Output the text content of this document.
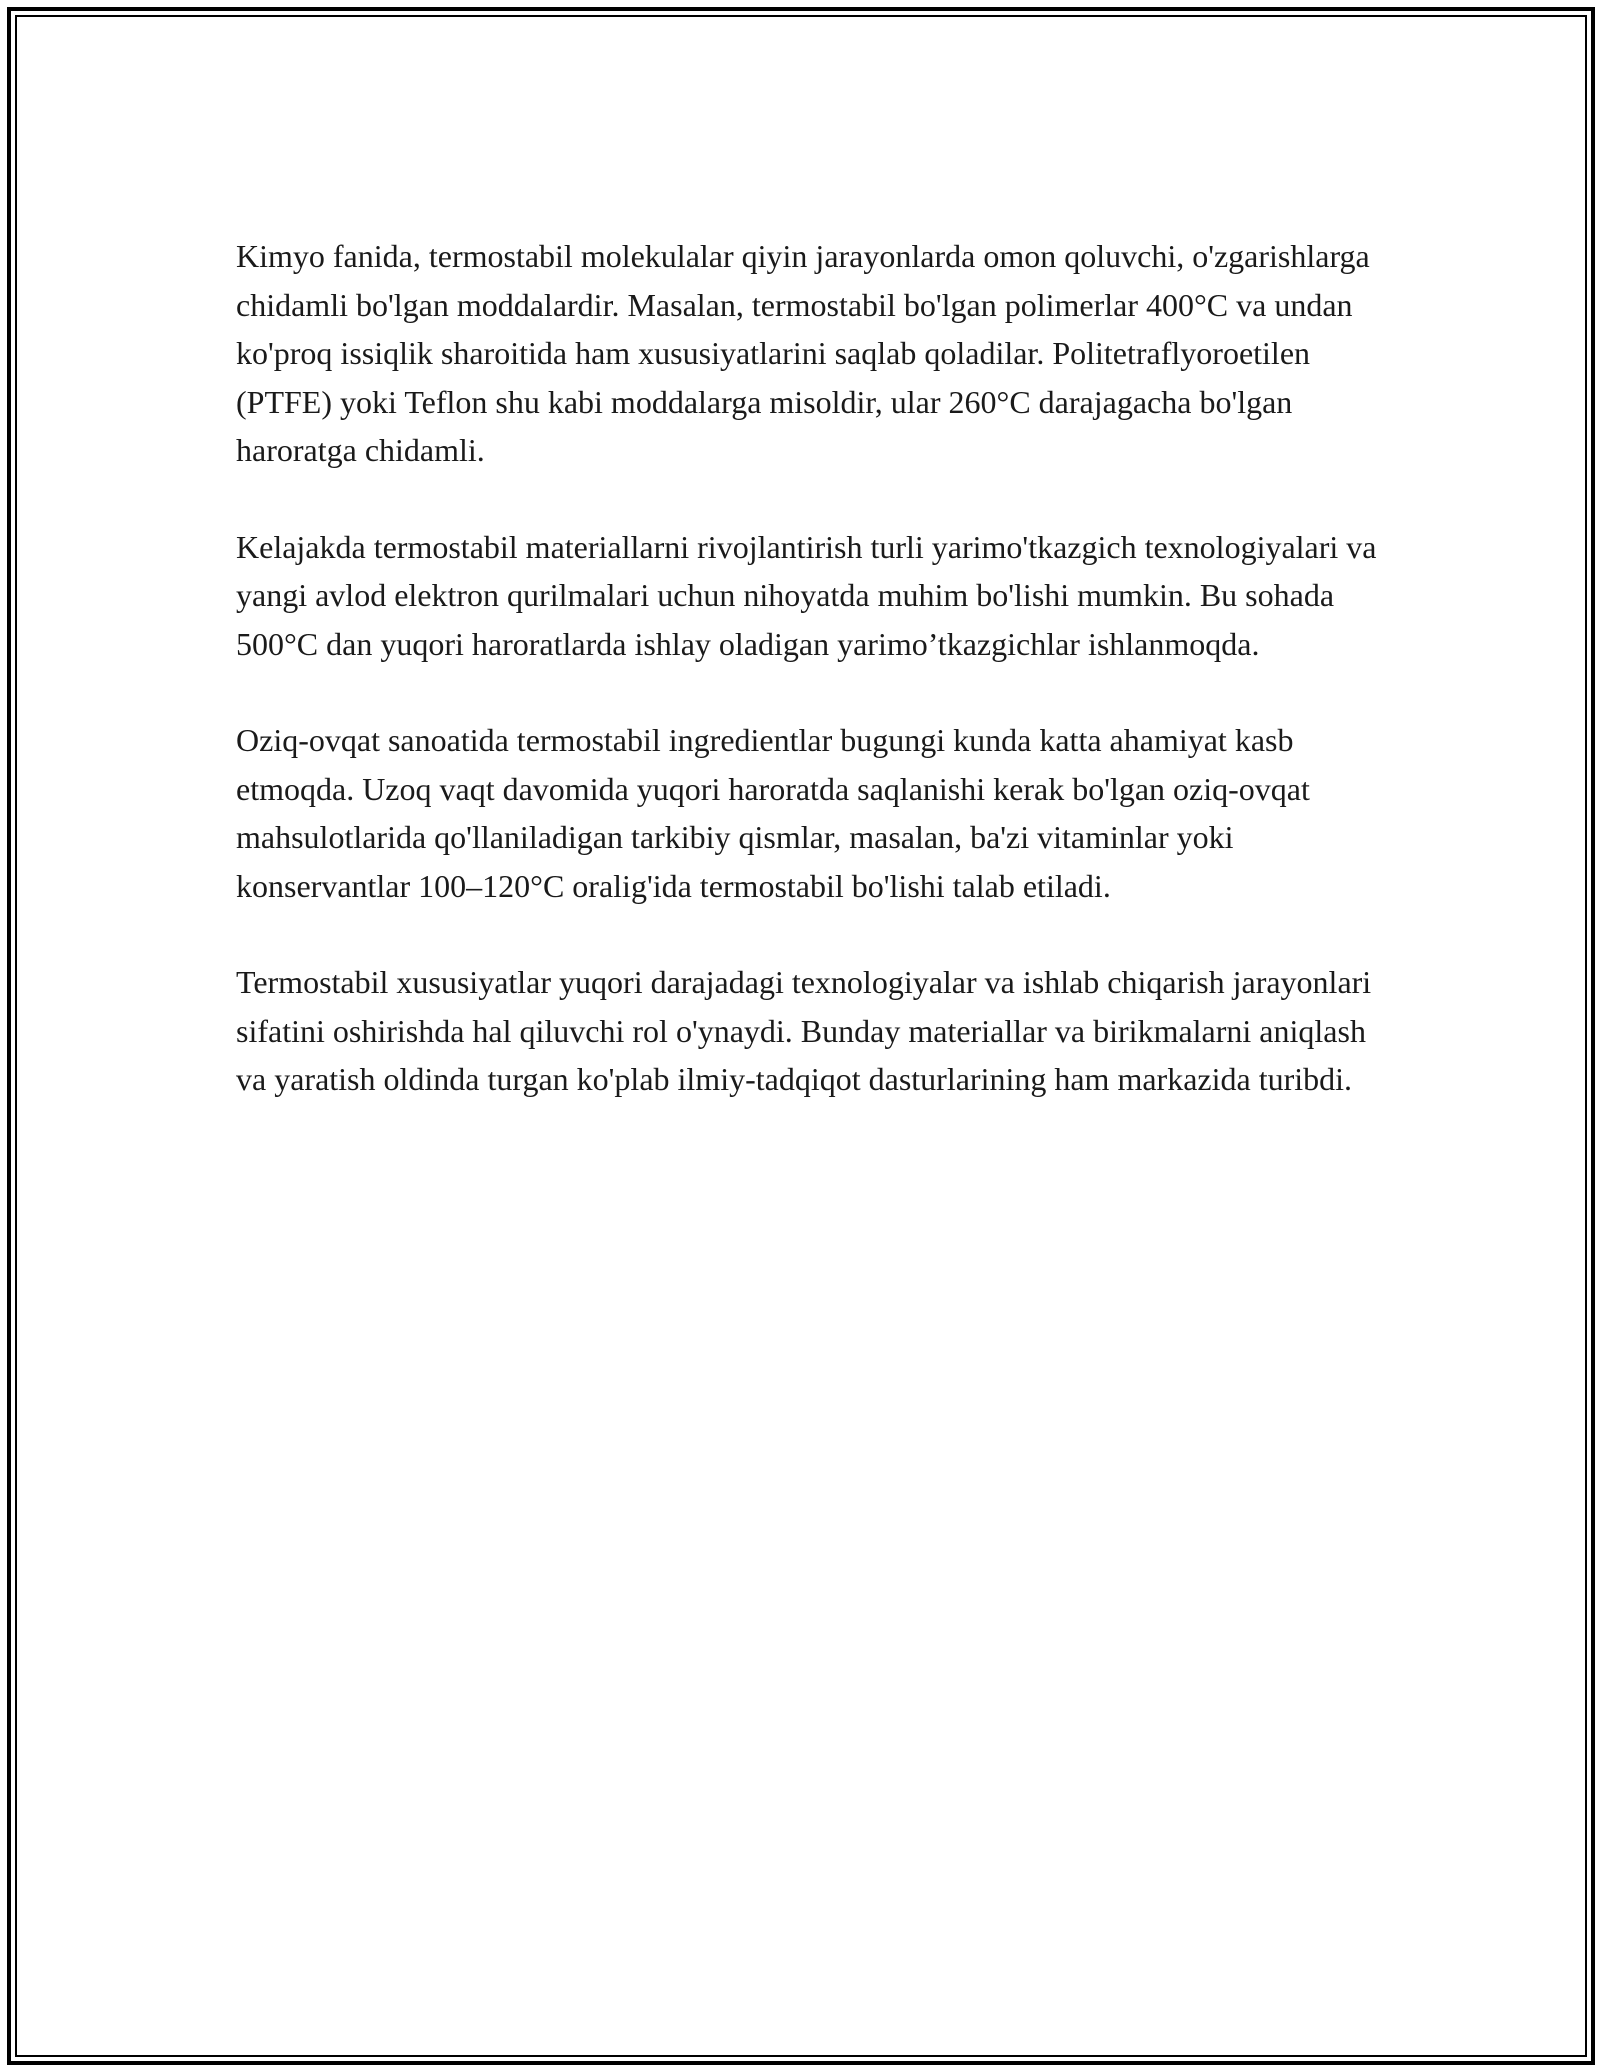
Kimyo fanida, termostabil molekulalar qiyin jarayonlarda omon qoluvchi, o'zgarishlarga chidamli bo'lgan moddalardir. Masalan, termostabil bo'lgan polimerlar 400°C va undan ko'proq issiqlik sharoitida ham xususiyatlarini saqlab qoladilar. Politetraflyoroetilen (PTFE) yoki Teflon shu kabi moddalarga misoldir, ular 260°C darajagacha bo'lgan haroratga chidamli.

Kelajakda termostabil materiallarni rivojlantirish turli yarimo'tkazgich texnologiyalari va yangi avlod elektron qurilmalari uchun nihoyatda muhim bo'lishi mumkin. Bu sohada 500°C dan yuqori haroratlarda ishlay oladigan yarimo’tkazgichlar ishlanmoqda.

Oziq-ovqat sanoatida termostabil ingredientlar bugungi kunda katta ahamiyat kasb etmoqda. Uzoq vaqt davomida yuqori haroratda saqlanishi kerak bo'lgan oziq-ovqat mahsulotlarida qo'llaniladigan tarkibiy qismlar, masalan, ba'zi vitaminlar yoki konservantlar 100–120°C oralig'ida termostabil bo'lishi talab etiladi.

Termostabil xususiyatlar yuqori darajadagi texnologiyalar va ishlab chiqarish jarayonlari sifatini oshirishda hal qiluvchi rol o'ynaydi. Bunday materiallar va birikmalarni aniqlash va yaratish oldinda turgan ko'plab ilmiy-tadqiqot dasturlarining ham markazida turibdi.
